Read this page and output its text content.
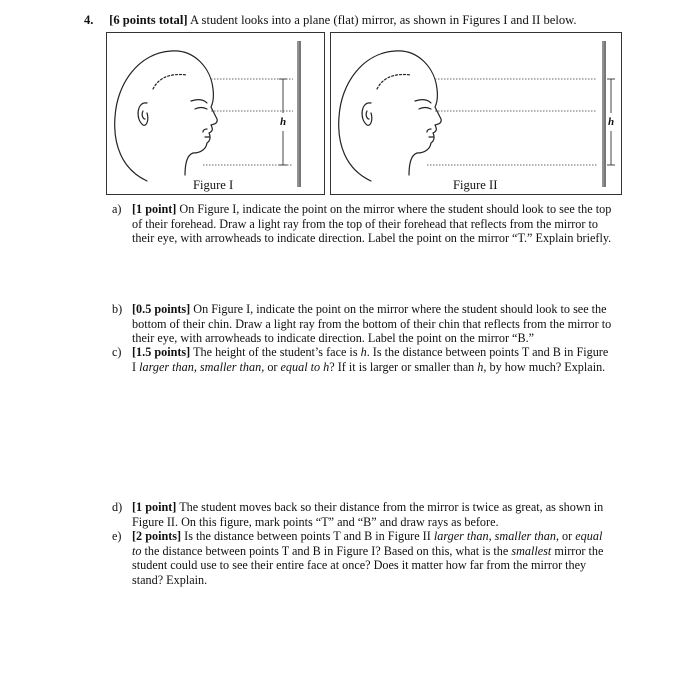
4. [6 points total] A student looks into a plane (flat) mirror, as shown in Figures I and II below.
h
Figure I
h
Figure II
a) [1 point] On Figure I, indicate the point on the mirror where the student should look to see the top of their forehead. Draw a light ray from the top of their forehead that reflects from the mirror to their eye, with arrowheads to indicate direction. Label the point on the mirror “T.” Explain briefly.
b) [0.5 points] On Figure I, indicate the point on the mirror where the student should look to see the bottom of their chin. Draw a light ray from the bottom of their chin that reflects from the mirror to their eye, with arrowheads to indicate direction. Label the point on the mirror “B.”
c) [1.5 points] The height of the student’s face is h. Is the distance between points T and B in Figure I larger than, smaller than, or equal to h? If it is larger or smaller than h, by how much? Explain.
d) [1 point] The student moves back so their distance from the mirror is twice as great, as shown in Figure II. On this figure, mark points “T” and “B” and draw rays as before.
e) [2 points] Is the distance between points T and B in Figure II larger than, smaller than, or equal to the distance between points T and B in Figure I? Based on this, what is the smallest mirror the student could use to see their entire face at once? Does it matter how far from the mirror they stand? Explain.
